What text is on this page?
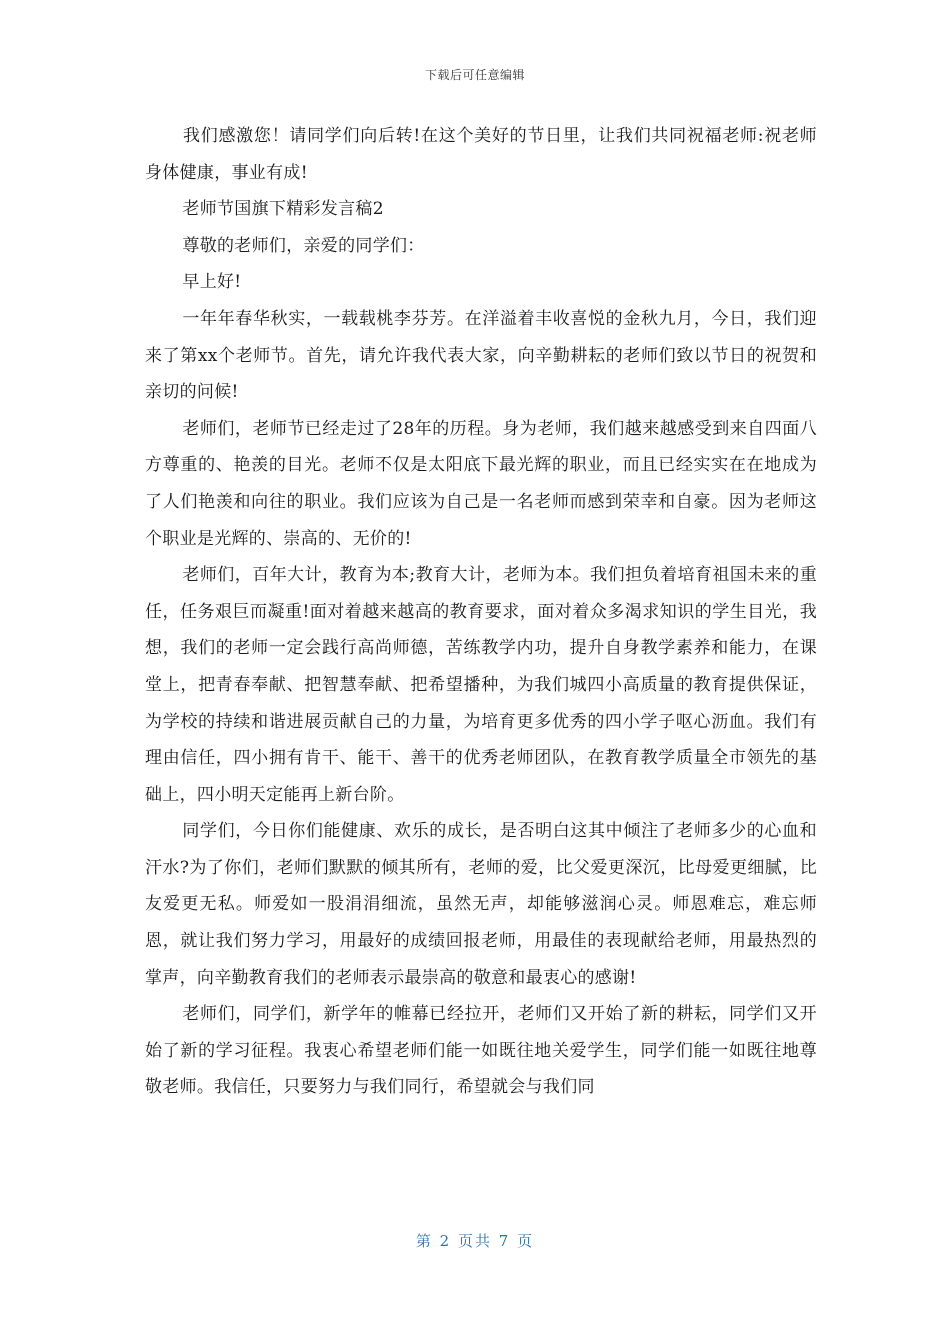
下载后可任意编辑

我们感激您！请同学们向后转!在这个美好的节日里，让我们共同祝福老师:祝老师身体健康，事业有成!

老师节国旗下精彩发言稿2

尊敬的老师们，亲爱的同学们：

早上好!

一年年春华秋实，一载载桃李芬芳。在洋溢着丰收喜悦的金秋九月，今日，我们迎来了第xx个老师节。首先，请允许我代表大家，向辛勤耕耘的老师们致以节日的祝贺和亲切的问候!

老师们，老师节已经走过了28年的历程。身为老师，我们越来越感受到来自四面八方尊重的、艳羡的目光。老师不仅是太阳底下最光辉的职业，而且已经实实在在地成为了人们艳羡和向往的职业。我们应该为自己是一名老师而感到荣幸和自豪。因为老师这个职业是光辉的、崇高的、无价的!

老师们，百年大计，教育为本;教育大计，老师为本。我们担负着培育祖国未来的重任，任务艰巨而凝重!面对着越来越高的教育要求，面对着众多渴求知识的学生目光，我想，我们的老师一定会践行高尚师德，苦练教学内功，提升自身教学素养和能力，在课堂上，把青春奉献、把智慧奉献、把希望播种，为我们城四小高质量的教育提供保证，为学校的持续和谐进展贡献自己的力量，为培育更多优秀的四小学子呕心沥血。我们有理由信任，四小拥有肯干、能干、善干的优秀老师团队，在教育教学质量全市领先的基础上，四小明天定能再上新台阶。

同学们，今日你们能健康、欢乐的成长，是否明白这其中倾注了老师多少的心血和汗水?为了你们，老师们默默的倾其所有，老师的爱，比父爱更深沉，比母爱更细腻，比友爱更无私。师爱如一股涓涓细流，虽然无声，却能够滋润心灵。师恩难忘，难忘师恩，就让我们努力学习，用最好的成绩回报老师，用最佳的表现献给老师，用最热烈的掌声，向辛勤教育我们的老师表示最崇高的敬意和最衷心的感谢!

老师们，同学们，新学年的帷幕已经拉开，老师们又开始了新的耕耘，同学们又开始了新的学习征程。我衷心希望老师们能一如既往地关爱学生，同学们能一如既往地尊敬老师。我信任，只要努力与我们同行，希望就会与我们同

第 2 页共 7 页
